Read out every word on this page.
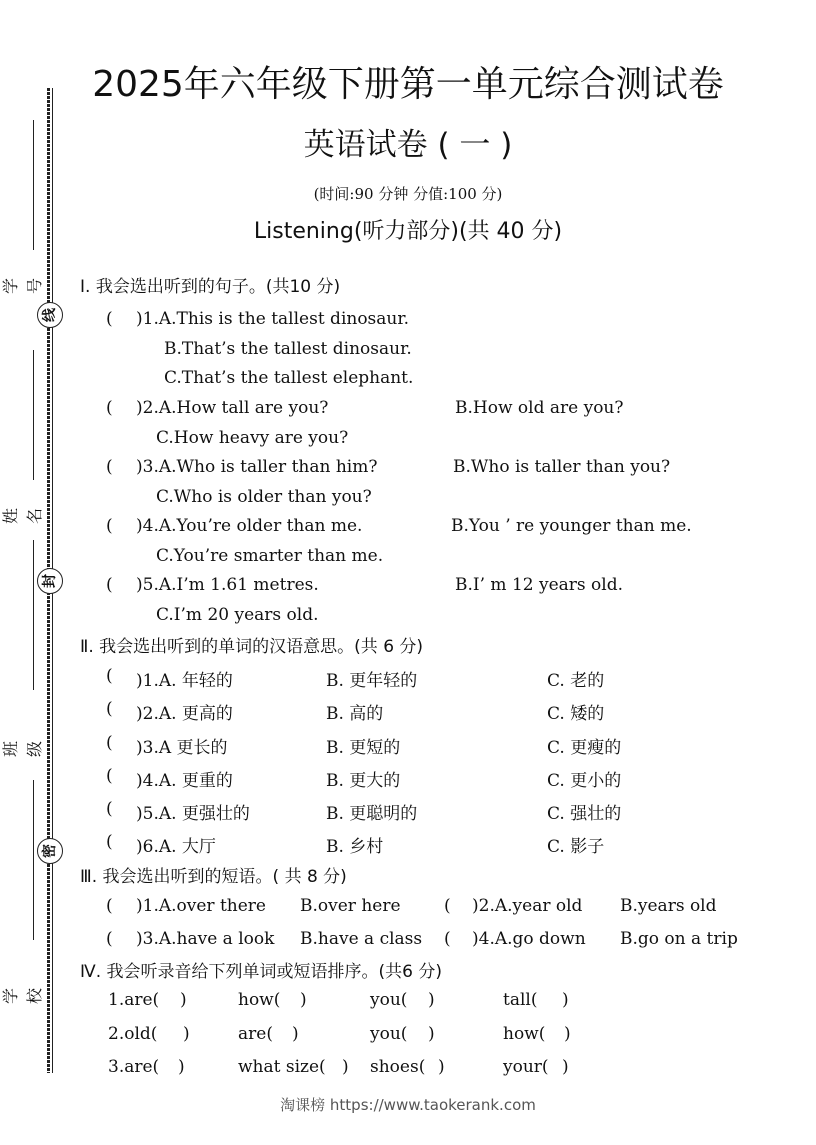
学 号
线
姓 名
封
班 级
密
学 校
2025年六年级下册第一单元综合测试卷
英语试卷 ( 一 )
(时间:90 分钟 分值:100 分)
Listening(听力部分)(共 40 分)
Ⅰ. 我会选出听到的句子。(共10 分)
( )1.A.This is the tallest dinosaur.
B.That’s the tallest dinosaur.
C.That’s the tallest elephant.
( )2.A.How tall are you?	B.How old are you?
C.How heavy are you?
( )3.A.Who is taller than him?	B.Who is taller than you?
C.Who is older than you?
( )4.A.You’re older than me.	B.You ’ re younger than me.
C.You’re smarter than me.
( )5.A.I’m 1.61 metres.	B.I’ m 12 years old.
C.I’m 20 years old.
Ⅱ. 我会选出听到的单词的汉语意思。(共 6 分)
( )1.A. 年轻的	B. 更年轻的	C. 老的
( )2.A. 更高的	B. 高的	C. 矮的
( )3.A 更长的	B. 更短的	C. 更瘦的
( )4.A. 更重的	B. 更大的	C. 更小的
( )5.A. 更强壮的	B. 更聪明的	C. 强壮的
( )6.A. 大厅	B. 乡村	C. 影子
Ⅲ. 我会选出听到的短语。( 共 8 分)
( )1.A.over there B.over here	( )2.A.year old B.years old
( )3.A.have a look B.have a class ( )4.A.go down B.go on a trip
Ⅳ. 我会听录音给下列单词或短语排序。(共6 分)
1.are( )	how( )	you( )	tall( )
2.old( )	are( )	you( )	how( )
3.are( )	what size( ) shoes( )	your( )
淘课榜 https://www.taokerank.com
